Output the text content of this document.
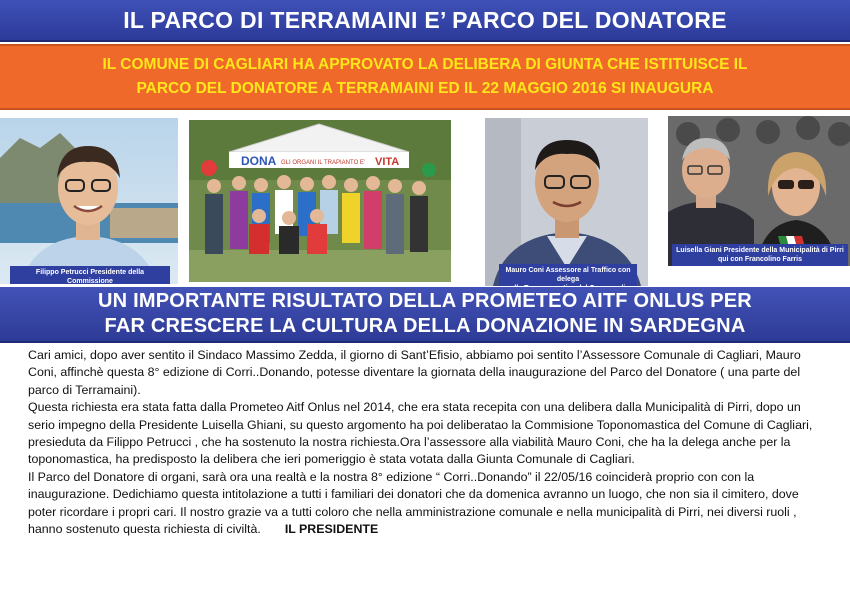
IL PARCO DI TERRAMAINI E’ PARCO DEL DONATORE
IL COMUNE DI CAGLIARI HA APPROVATO LA DELIBERA DI GIUNTA CHE ISTITUISCE IL
PARCO DEL DONATORE A TERRAMAINI ED IL 22 MAGGIO 2016 SI INAUGURA
Filippo Petrucci Presidente della Commissione
DONA GLI ORGANI IL TRAPIANTO E' VITA
Mauro Coni Assessore al Traffico con delega
Luisella Giani Presidente della Municipalità di Pirri
qui con Francolino Farris
UN IMPORTANTE RISULTATO DELLA PROMETEO AITF ONLUS PER
FAR CRESCERE LA CULTURA DELLA DONAZIONE IN SARDEGNA

Cari amici, dopo aver sentito il Sindaco Massimo Zedda, il giorno di Sant’Efisio, abbiamo poi sentito l’Assessore Comunale di Cagliari, Mauro Coni, affinchè questa 8° edizione di Corri..Donando, potesse diventare la giornata della inaugurazione del Parco del Donatore ( una parte del parco di Terramaini).

Questa richiesta era stata fatta dalla Prometeo Aitf Onlus nel 2014, che era stata recepita con una delibera dalla Municipalità di Pirri, dopo un serio impegno della Presidente Luisella Ghiani, su questo argomento ha poi deliberatao la Commisione Toponomastica del Comune di Cagliari, presieduta da Filippo Petrucci , che ha sostenuto la nostra richiesta.Ora l’assessore alla viabilità Mauro Coni, che ha la delega anche per la toponomastica, ha predisposto la delibera che ieri pomeriggio è stata votata dalla Giunta Comunale di Cagliari.

Il Parco del Donatore di organi, sarà ora una realtà e la nostra 8° edizione “ Corri..Donando” il 22/05/16 coinciderà proprio con con la inaugurazione. Dedichiamo questa intitolazione a tutti i familiari dei donatori che da domenica avranno un luogo, che non sia il cimitero, dove poter ricordare i propri cari. Il nostro grazie va a tutti coloro che nella amministrazione comunale e nella municipalità di Pirri, nei diversi ruoli , hanno sostenuto questa richiesta di civiltà. IL PRESIDENTE
